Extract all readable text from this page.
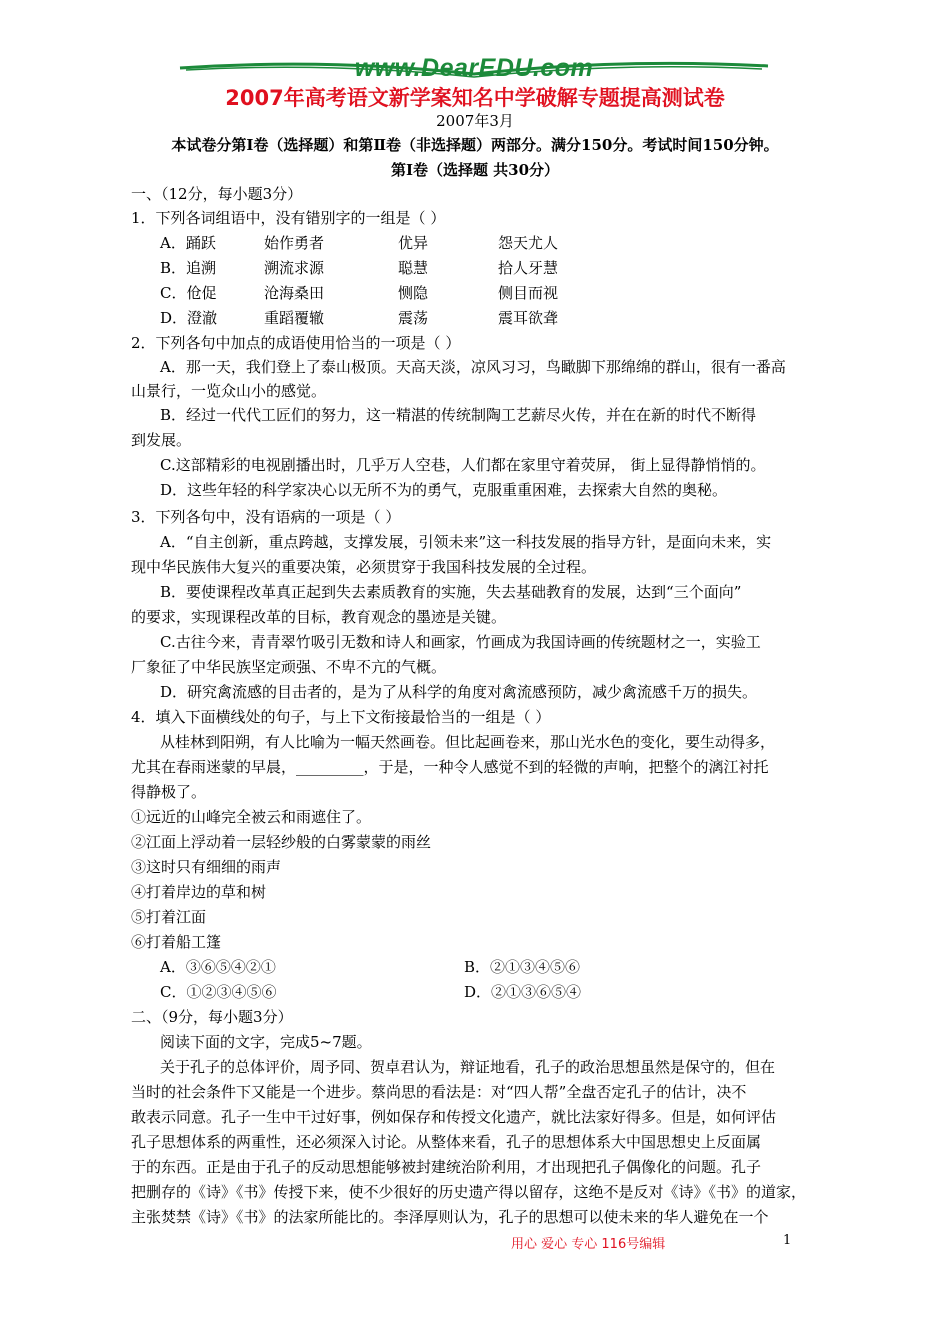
www.DearEDU.com
2007年高考语文新学案知名中学破解专题提高测试卷
2007年3月
本试卷分第Ⅰ卷（选择题）和第Ⅱ卷（非选择题）两部分。满分150分。考试时间150分钟。
第Ⅰ卷（选择题 共30分）
一、（12分，每小题3分）
1．下列各词组语中，没有错别字的一组是（ ）
A．踊跃	始作勇者	优异	怨天尤人
B．追溯	溯流求源	聪慧	拾人牙慧
C．伧促	沧海桑田	恻隐	侧目而视
D．澄澈	重蹈覆辙	震荡	震耳欲聋
2．下列各句中加点的成语使用恰当的一项是（ ）
A．那一天，我们登上了泰山极顶。天高天淡，凉风习习，鸟瞰脚下那绵绵的群山，很有一番高
山景行，一览众山小的感觉。
B．经过一代代工匠们的努力，这一精湛的传统制陶工艺薪尽火传，并在在新的时代不断得
到发展。
C.这部精彩的电视剧播出时，几乎万人空巷，人们都在家里守着荧屏， 街上显得静悄悄的。
D．这些年轻的科学家决心以无所不为的勇气，克服重重困难，去探索大自然的奥秘。
3．下列各句中，没有语病的一项是（ ）
A．“自主创新，重点跨越，支撑发展，引领未来”这一科技发展的指导方针，是面向未来，实
现中华民族伟大复兴的重要决策，必须贯穿于我国科技发展的全过程。
B．要使课程改革真正起到失去素质教育的实施，失去基础教育的发展，达到“三个面向”
的要求，实现课程改革的目标，教育观念的墨迹是关键。
C.古往今来，青青翠竹吸引无数和诗人和画家，竹画成为我国诗画的传统题材之一，实验工
厂象征了中华民族坚定顽强、不卑不亢的气概。
D．研究禽流感的目击者的，是为了从科学的角度对禽流感预防，减少禽流感千万的损失。
4．填入下面横线处的句子，与上下文衔接最恰当的一组是（ ）
从桂林到阳朔，有人比喻为一幅天然画卷。但比起画卷来，那山光水色的变化，要生动得多，
尤其在春雨迷蒙的早晨，_________，于是，一种令人感觉不到的轻微的声响，把整个的漓江衬托
得静极了。
①远近的山峰完全被云和雨遮住了。
②江面上浮动着一层轻纱般的白雾蒙蒙的雨丝
③这时只有细细的雨声
④打着岸边的草和树
⑤打着江面
⑥打着船工篷
A．③⑥⑤④②①	B．②①③④⑤⑥
C．①②③④⑤⑥	D．②①③⑥⑤④
二、（9分，每小题3分）
阅读下面的文字，完成5~7题。
关于孔子的总体评价，周予同、贺卓君认为，辩证地看，孔子的政治思想虽然是保守的，但在
当时的社会条件下又能是一个进步。蔡尚思的看法是：对“四人帮”全盘否定孔子的估计，决不
敢表示同意。孔子一生中干过好事，例如保存和传授文化遗产，就比法家好得多。但是，如何评估
孔子思想体系的两重性，还必须深入讨论。从整体来看，孔子的思想体系大中国思想史上反面属
于的东西。正是由于孔子的反动思想能够被封建统治阶利用，才出现把孔子偶像化的问题。孔子
把删存的《诗》《书》传授下来，使不少很好的历史遗产得以留存，这绝不是反对《诗》《书》的道家，
主张焚禁《诗》《书》的法家所能比的。李泽厚则认为，孔子的思想可以使未来的华人避免在一个
用心 爱心 专心 116号编辑	1
